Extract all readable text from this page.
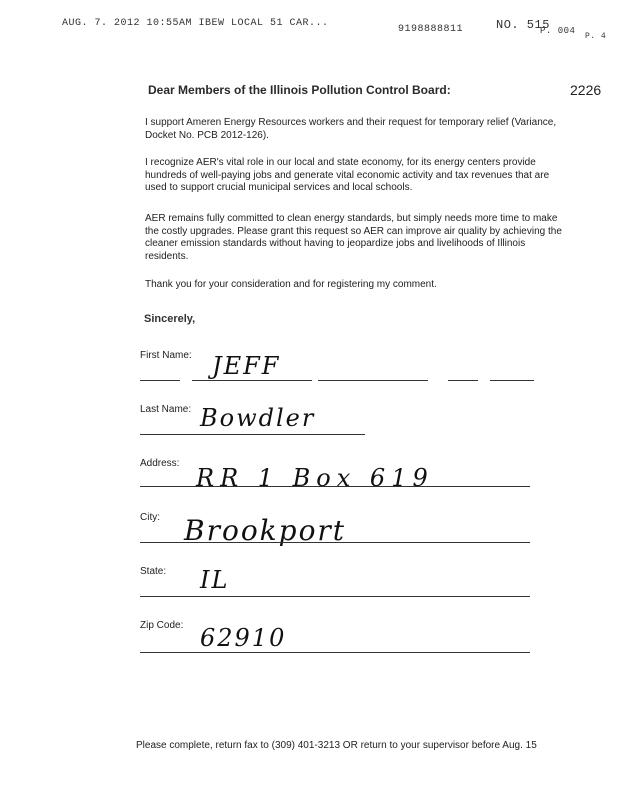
AUG. 7. 2012 10:55AM IBEW LOCAL 51 CAR...
9198888811	NO. 515
P. 004
P. 4
2226
Dear Members of the Illinois Pollution Control Board:

I support Ameren Energy Resources workers and their request for temporary relief (Variance, Docket No. PCB 2012-126).

I recognize AER's vital role in our local and state economy, for its energy centers provide hundreds of well-paying jobs and generate vital economic activity and tax revenues that are used to support crucial municipal services and local schools.

AER remains fully committed to clean energy standards, but simply needs more time to make the costly upgrades. Please grant this request so AER can improve air quality by achieving the cleaner emission standards without having to jeopardize jobs and livelihoods of Illinois residents.

Thank you for your consideration and for registering my comment.

Sincerely,
First Name: JEFF
Last Name: Bowdler
Address:
RR 1 Box 619
City: Brookport
State: IL
Zip Code: 62910
Please complete, return fax to (309) 401-3213 OR return to your supervisor before Aug. 15
